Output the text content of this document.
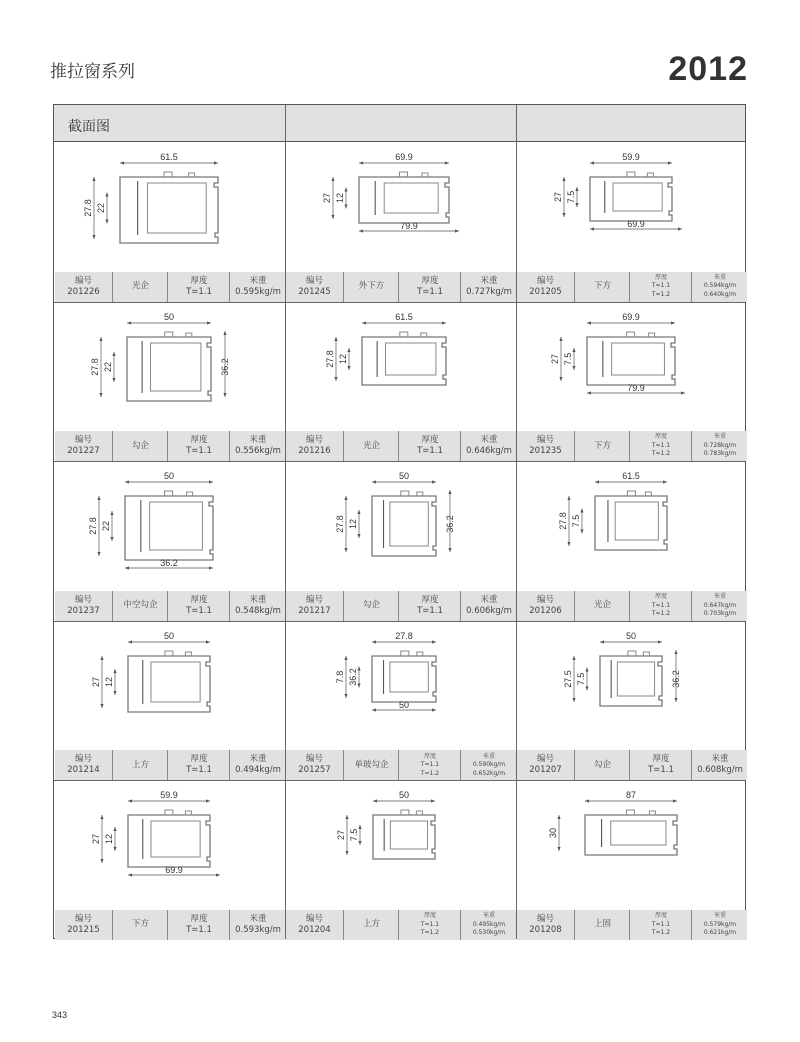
推拉窗系列	2012
截面图
61.5
27.8 22
编号
201226
光企
厚度
T=1.1
米重
0.595kg/m
69.9
79.9
27 12
编号
201245
外下方
厚度
T=1.1
米重
0.727kg/m
59.9
69.9
27 7.5
编号
201205
下方
厚度
T=1.1
T=1.2
米重
0.594kg/m
0.640kg/m
50
27.8 22	36.2
编号
201227
勾企
厚度
T=1.1
米重
0.556kg/m
61.5
27.8 12
编号
201216
光企
厚度
T=1.1
米重
0.646kg/m
69.9
79.9
27 7.5
编号
201235
下方
厚度
T=1.1
T=1.2
米重
0.728kg/m
0.783kg/m
50
27.8 22
36.2
编号
201237
中空勾企
厚度
T=1.1
米重
0.548kg/m
50
27.8 12	36.2
编号
201217
勾企
厚度
T=1.1
米重
0.606kg/m
61.5
27.8 7.5
编号
201206
光企
厚度
T=1.1
T=1.2
米重
0.647kg/m
0.703kg/m
50
27 12
编号
201214
上方
厚度
T=1.1
米重
0.494kg/m
27.8
7.8 36.2
50
编号
201257
单玻勾企
厚度
T=1.1
T=1.2
米重
0.590kg/m
0.652kg/m
50
27.5 7.5	36.2
编号
201207
勾企
厚度
T=1.1
米重
0.608kg/m
59.9
69.9
27 12
编号
201215
下方
厚度
T=1.1
米重
0.593kg/m
50
27 7.5
编号
201204
上方
厚度
T=1.1
T=1.2
米重
0.495kg/m
0.530kg/m
87
30
编号
201208
上固
厚度
T=1.1
T=1.2
米重
0.579kg/m
0.621kg/m
343
